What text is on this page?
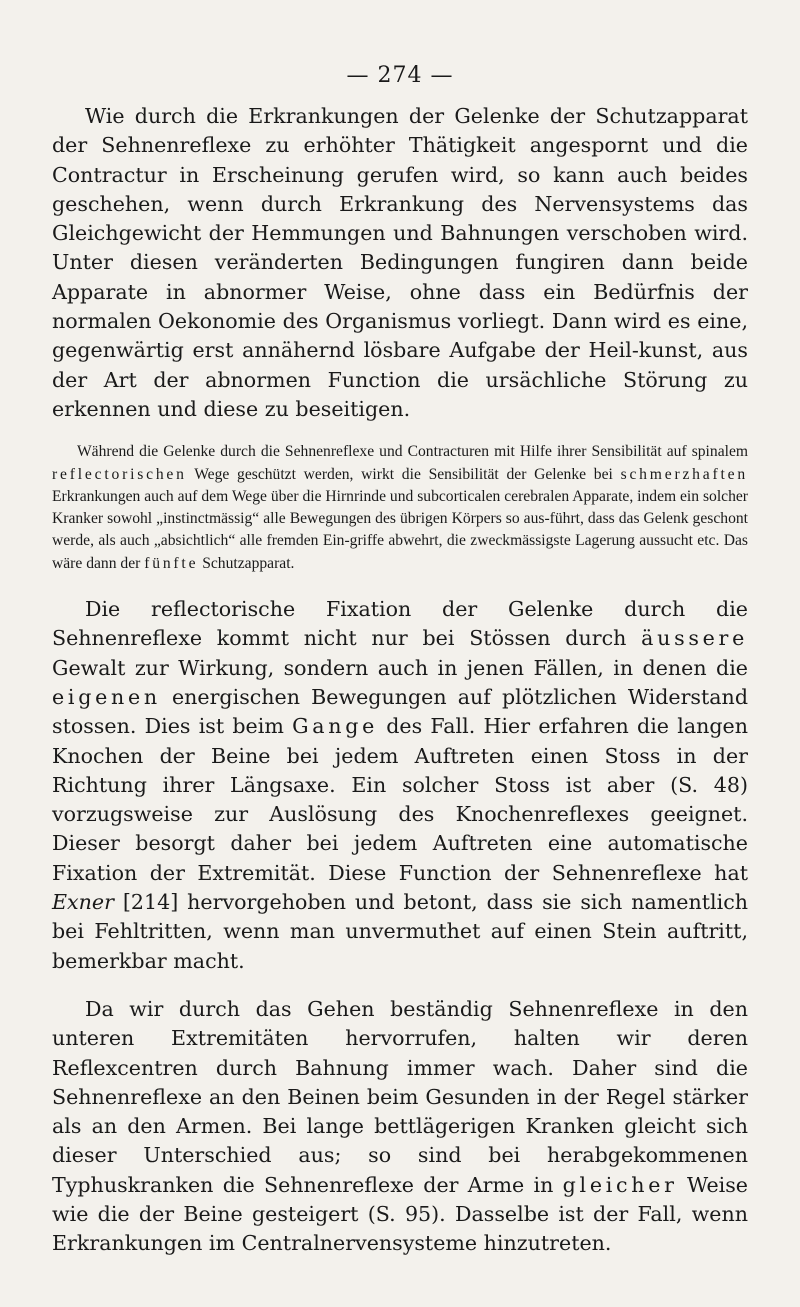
— 274 —

Wie durch die Erkrankungen der Gelenke der Schutzapparat der Sehnenreflexe zu erhöhter Thätigkeit angespornt und die Contractur in Erscheinung gerufen wird, so kann auch beides geschehen, wenn durch Erkrankung des Nervensystems das Gleichgewicht der Hemmungen und Bahnungen verschoben wird. Unter diesen veränderten Bedingungen fungiren dann beide Apparate in abnormer Weise, ohne dass ein Bedürfnis der normalen Oekonomie des Organismus vorliegt. Dann wird es eine, gegenwärtig erst annähernd lösbare Aufgabe der Heil-kunst, aus der Art der abnormen Function die ursächliche Störung zu erkennen und diese zu beseitigen.

Während die Gelenke durch die Sehnenreflexe und Contracturen mit Hilfe ihrer Sensibilität auf spinalem reflectorischen Wege geschützt werden, wirkt die Sensibilität der Gelenke bei schmerzhaften Erkrankungen auch auf dem Wege über die Hirnrinde und subcorticalen cerebralen Apparate, indem ein solcher Kranker sowohl „instinctmässig“ alle Bewegungen des übrigen Körpers so aus-führt, dass das Gelenk geschont werde, als auch „absichtlich“ alle fremden Ein-griffe abwehrt, die zweckmässigste Lagerung aussucht etc. Das wäre dann der fünfte Schutzapparat.

Die reflectorische Fixation der Gelenke durch die Sehnenreflexe kommt nicht nur bei Stössen durch äussere Gewalt zur Wirkung, sondern auch in jenen Fällen, in denen die eigenen energischen Bewegungen auf plötzlichen Widerstand stossen. Dies ist beim Gange des Fall. Hier erfahren die langen Knochen der Beine bei jedem Auftreten einen Stoss in der Richtung ihrer Längsaxe. Ein solcher Stoss ist aber (S. 48) vorzugsweise zur Auslösung des Knochenreflexes geeignet. Dieser besorgt daher bei jedem Auftreten eine automatische Fixation der Extremität. Diese Function der Sehnenreflexe hat Exner [214] hervorgehoben und betont, dass sie sich namentlich bei Fehltritten, wenn man unvermuthet auf einen Stein auftritt, bemerkbar macht.

Da wir durch das Gehen beständig Sehnenreflexe in den unteren Extremitäten hervorrufen, halten wir deren Reflexcentren durch Bahnung immer wach. Daher sind die Sehnenreflexe an den Beinen beim Gesunden in der Regel stärker als an den Armen. Bei lange bettlägerigen Kranken gleicht sich dieser Unterschied aus; so sind bei herabgekommenen Typhuskranken die Sehnenreflexe der Arme in gleicher Weise wie die der Beine gesteigert (S. 95). Dasselbe ist der Fall, wenn Erkrankungen im Centralnervensysteme hinzutreten.
